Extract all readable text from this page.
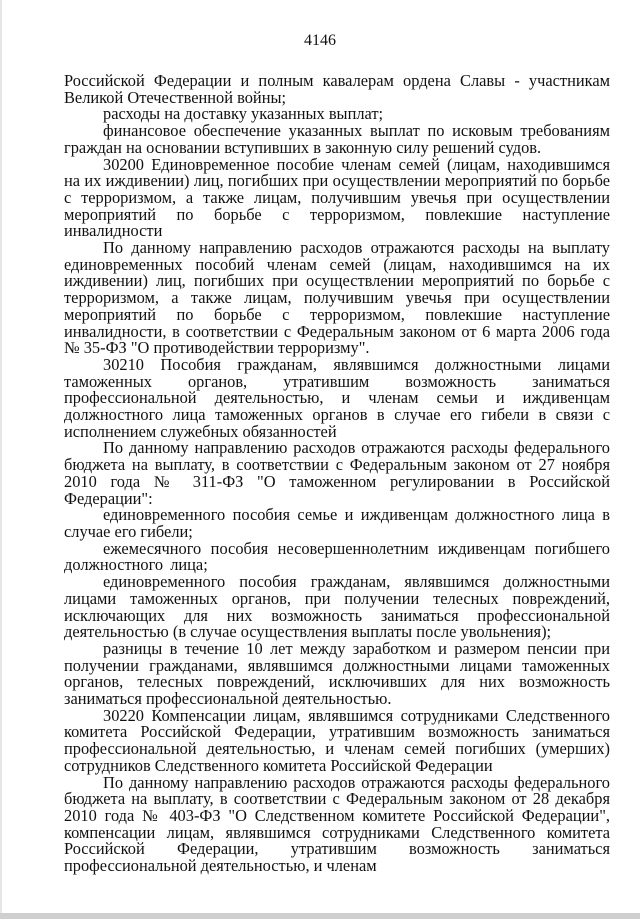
4146

Российской Федерации и полным кавалерам ордена Славы - участникам Великой Отечественной войны;

расходы на доставку указанных выплат;

финансовое обеспечение указанных выплат по исковым требованиям граждан на основании вступивших в законную силу решений судов.

30200 Единовременное пособие членам семей (лицам, находившимся на их иждивении) лиц, погибших при осуществлении мероприятий по борьбе с терроризмом, а также лицам, получившим увечья при осуществлении мероприятий по борьбе с терроризмом, повлекшие наступление инвалидности

По данному направлению расходов отражаются расходы на выплату единовременных пособий членам семей (лицам, находившимся на их иждивении) лиц, погибших при осуществлении мероприятий по борьбе с терроризмом, а также лицам, получившим увечья при осуществлении мероприятий по борьбе с терроризмом, повлекшие наступление инвалидности, в соответствии с Федеральным законом от 6 марта 2006 года № 35-ФЗ "О противодействии терроризму".

30210 Пособия гражданам, являвшимся должностными лицами таможенных органов, утратившим возможность заниматься профессиональной деятельностью, и членам семьи и иждивенцам должностного лица таможенных органов в случае его гибели в связи с исполнением служебных обязанностей

По данному направлению расходов отражаются расходы федерального бюджета на выплату, в соответствии с Федеральным законом от 27 ноября 2010 года № 311-ФЗ "О таможенном регулировании в Российской Федерации":

единовременного пособия семье и иждивенцам должностного лица в случае его гибели;

ежемесячного пособия несовершеннолетним иждивенцам погибшего должностного лица;

единовременного пособия гражданам, являвшимся должностными лицами таможенных органов, при получении телесных повреждений, исключающих для них возможность заниматься профессиональной деятельностью (в случае осуществления выплаты после увольнения);

разницы в течение 10 лет между заработком и размером пенсии при получении гражданами, являвшимся должностными лицами таможенных органов, телесных повреждений, исключивших для них возможность заниматься профессиональной деятельностью.

30220 Компенсации лицам, являвшимся сотрудниками Следственного комитета Российской Федерации, утратившим возможность заниматься профессиональной деятельностью, и членам семей погибших (умерших) сотрудников Следственного комитета Российской Федерации

По данному направлению расходов отражаются расходы федерального бюджета на выплату, в соответствии с Федеральным законом от 28 декабря 2010 года № 403-ФЗ "О Следственном комитете Российской Федерации", компенсации лицам, являвшимся сотрудниками Следственного комитета Российской Федерации, утратившим возможность заниматься профессиональной деятельностью, и членам
